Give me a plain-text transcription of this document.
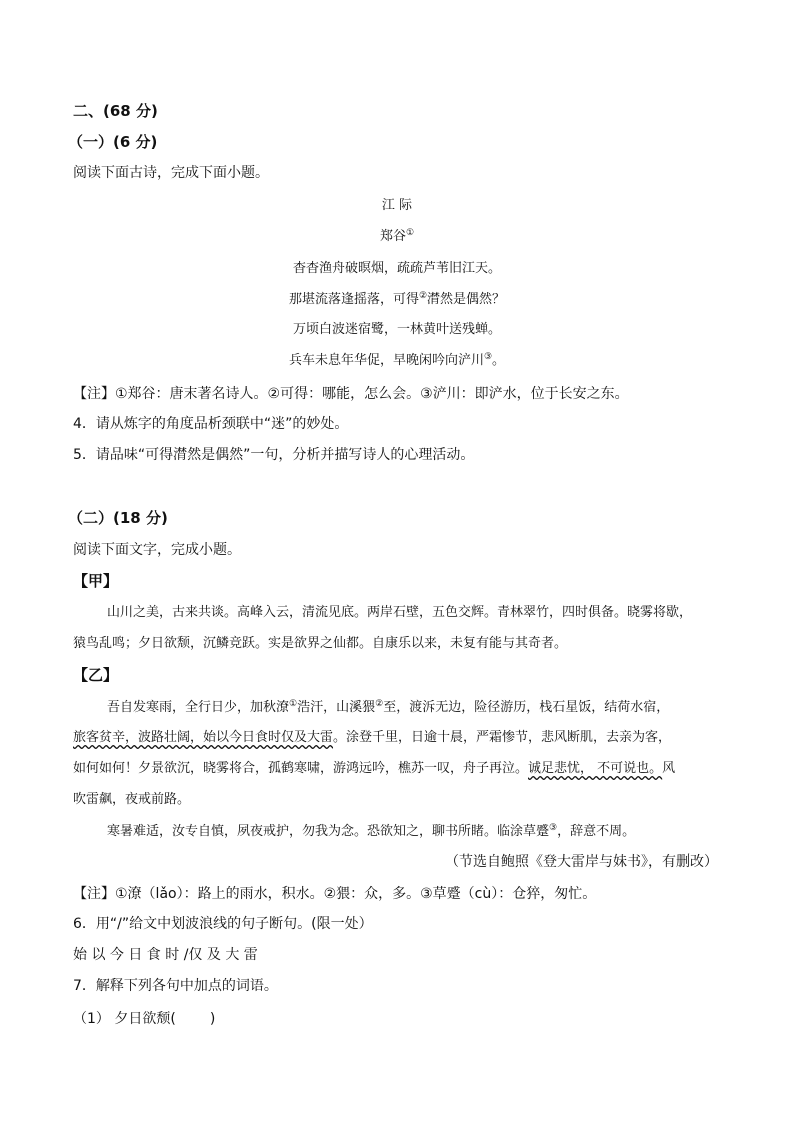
二、(68 分)
（一）(6 分)
阅读下面古诗，完成下面小题。
江 际
郑谷①
杳杳渔舟破暝烟，疏疏芦苇旧江天。
那堪流落逢摇落，可得②潸然是偶然？
万顷白波迷宿鹭，一林黄叶送残蝉。
兵车未息年华促，早晚闲吟向浐川③。
【注】①郑谷：唐末著名诗人。②可得：哪能，怎么会。③浐川：即浐水，位于长安之东。
4．请从炼字的角度品析颈联中“迷”的妙处。
5．请品味“可得潸然是偶然”一句，分析并描写诗人的心理活动。
（二）(18 分)
阅读下面文字，完成小题。
【甲】
山川之美，古来共谈。高峰入云，清流见底。两岸石壁，五色交辉。青林翠竹，四时俱备。晓雾将歇，
猿鸟乱鸣；夕日欲颓，沉鳞竞跃。实是欲界之仙都。自康乐以来，未复有能与其奇者。
【乙】
吾自发寒雨，全行日少，加秋潦①浩汗，山溪猥②至，渡泝无边，险径游历，栈石星饭，结荷水宿，
旅客贫辛，波路壮阔，始以今日食时仅及大雷。涂登千里，日逾十晨，严霜惨节，悲风断肌，去亲为客，
如何如何！夕景欲沉，晓雾将合，孤鹤寒啸，游鸿远吟，樵苏一叹，舟子再泣。诚足悲忧， 不可说也。风
吹雷飙，夜戒前路。
寒暑难适，汝专自慎，夙夜戒护，勿我为念。恐欲知之，聊书所睹。临涂草蹙③，辞意不周。
（节选自鲍照《登大雷岸与妹书》，有删改）
【注】①潦（lǎo）：路上的雨水，积水。②猥：众，多。③草蹙（cù）：仓猝，匆忙。
6．用“/”给文中划波浪线的句子断句。(限一处）
始 以 今 日 食 时 /仅 及 大 雷
7．解释下列各句中加点的词语。
（1） 夕日欲颓( )
